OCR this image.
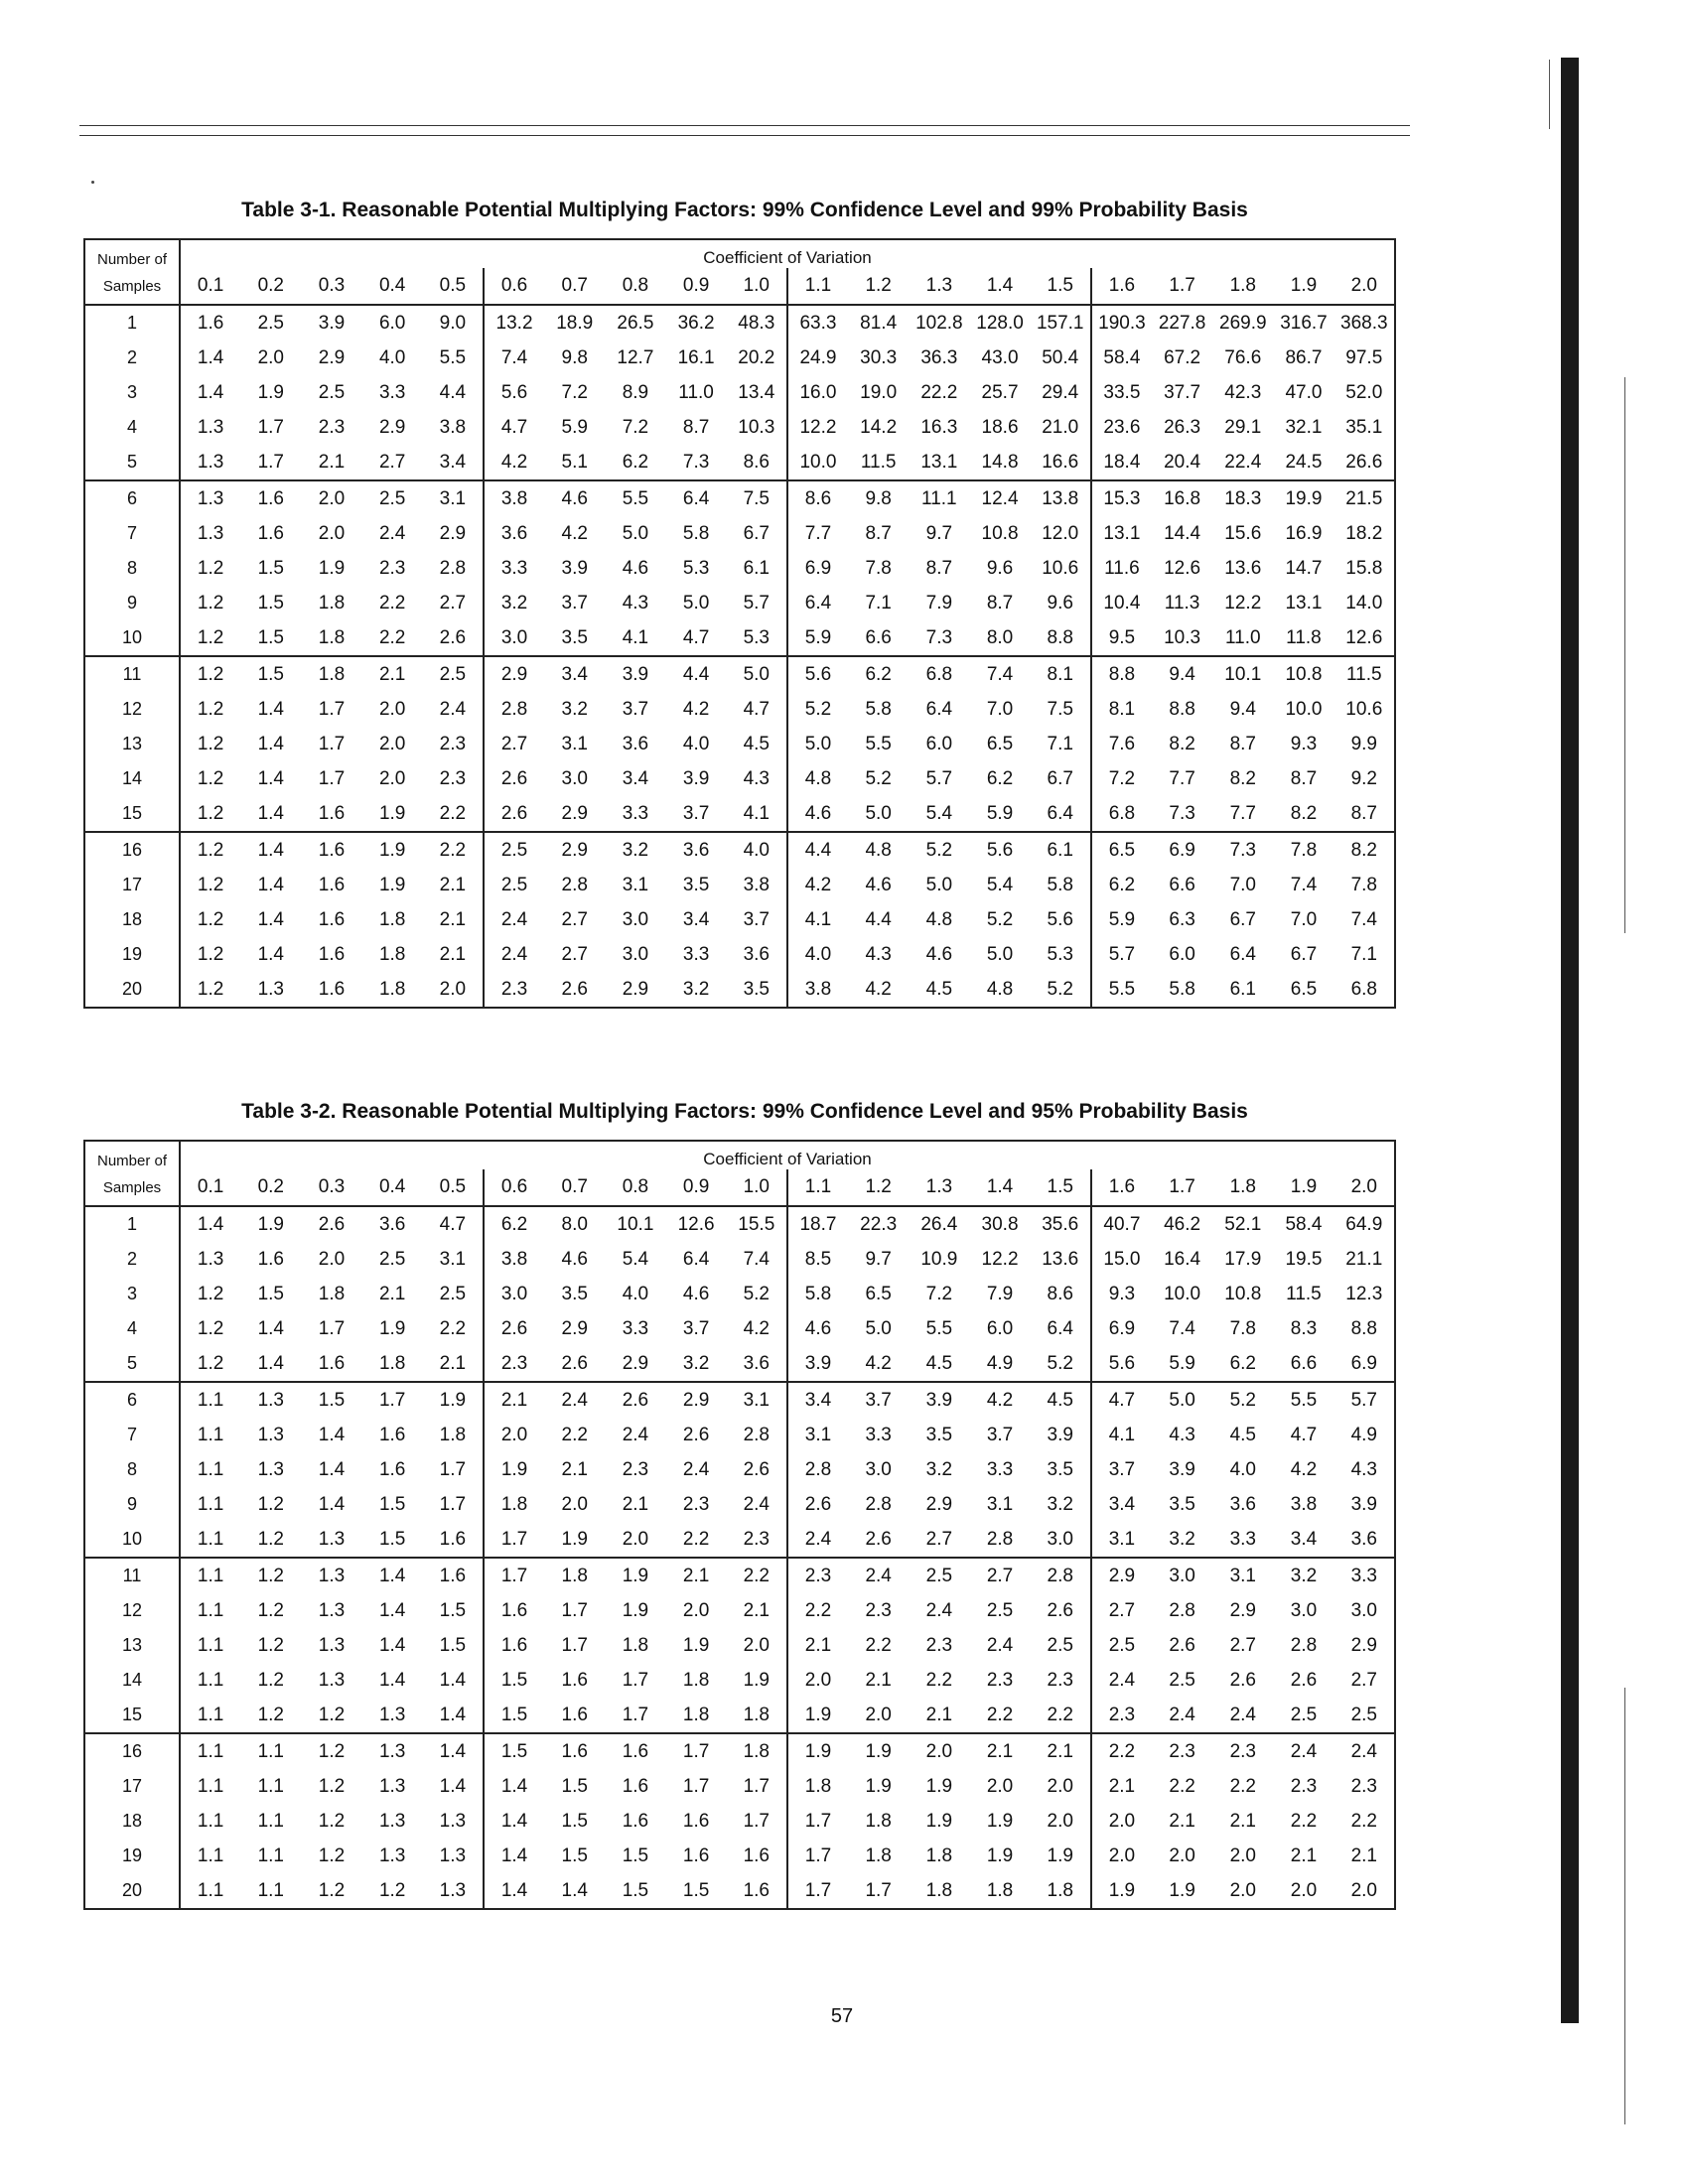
Table 3-1. Reasonable Potential Multiplying Factors: 99% Confidence Level and 99% Probability Basis
Number of	Coefficient of Variation																			
Samples	0.1	0.2	0.3	0.4	0.5	0.6	0.7	0.8	0.9	1.0	1.1	1.2	1.3	1.4	1.5	1.6	1.7	1.8	1.9	2.0
1	1.6	2.5	3.9	6.0	9.0	13.2	18.9	26.5	36.2	48.3	63.3	81.4	102.8	128.0	157.1	190.3	227.8	269.9	316.7	368.3
2	1.4	2.0	2.9	4.0	5.5	7.4	9.8	12.7	16.1	20.2	24.9	30.3	36.3	43.0	50.4	58.4	67.2	76.6	86.7	97.5
3	1.4	1.9	2.5	3.3	4.4	5.6	7.2	8.9	11.0	13.4	16.0	19.0	22.2	25.7	29.4	33.5	37.7	42.3	47.0	52.0
4	1.3	1.7	2.3	2.9	3.8	4.7	5.9	7.2	8.7	10.3	12.2	14.2	16.3	18.6	21.0	23.6	26.3	29.1	32.1	35.1
5	1.3	1.7	2.1	2.7	3.4	4.2	5.1	6.2	7.3	8.6	10.0	11.5	13.1	14.8	16.6	18.4	20.4	22.4	24.5	26.6
6	1.3	1.6	2.0	2.5	3.1	3.8	4.6	5.5	6.4	7.5	8.6	9.8	11.1	12.4	13.8	15.3	16.8	18.3	19.9	21.5
7	1.3	1.6	2.0	2.4	2.9	3.6	4.2	5.0	5.8	6.7	7.7	8.7	9.7	10.8	12.0	13.1	14.4	15.6	16.9	18.2
8	1.2	1.5	1.9	2.3	2.8	3.3	3.9	4.6	5.3	6.1	6.9	7.8	8.7	9.6	10.6	11.6	12.6	13.6	14.7	15.8
9	1.2	1.5	1.8	2.2	2.7	3.2	3.7	4.3	5.0	5.7	6.4	7.1	7.9	8.7	9.6	10.4	11.3	12.2	13.1	14.0
10	1.2	1.5	1.8	2.2	2.6	3.0	3.5	4.1	4.7	5.3	5.9	6.6	7.3	8.0	8.8	9.5	10.3	11.0	11.8	12.6
11	1.2	1.5	1.8	2.1	2.5	2.9	3.4	3.9	4.4	5.0	5.6	6.2	6.8	7.4	8.1	8.8	9.4	10.1	10.8	11.5
12	1.2	1.4	1.7	2.0	2.4	2.8	3.2	3.7	4.2	4.7	5.2	5.8	6.4	7.0	7.5	8.1	8.8	9.4	10.0	10.6
13	1.2	1.4	1.7	2.0	2.3	2.7	3.1	3.6	4.0	4.5	5.0	5.5	6.0	6.5	7.1	7.6	8.2	8.7	9.3	9.9
14	1.2	1.4	1.7	2.0	2.3	2.6	3.0	3.4	3.9	4.3	4.8	5.2	5.7	6.2	6.7	7.2	7.7	8.2	8.7	9.2
15	1.2	1.4	1.6	1.9	2.2	2.6	2.9	3.3	3.7	4.1	4.6	5.0	5.4	5.9	6.4	6.8	7.3	7.7	8.2	8.7
16	1.2	1.4	1.6	1.9	2.2	2.5	2.9	3.2	3.6	4.0	4.4	4.8	5.2	5.6	6.1	6.5	6.9	7.3	7.8	8.2
17	1.2	1.4	1.6	1.9	2.1	2.5	2.8	3.1	3.5	3.8	4.2	4.6	5.0	5.4	5.8	6.2	6.6	7.0	7.4	7.8
18	1.2	1.4	1.6	1.8	2.1	2.4	2.7	3.0	3.4	3.7	4.1	4.4	4.8	5.2	5.6	5.9	6.3	6.7	7.0	7.4
19	1.2	1.4	1.6	1.8	2.1	2.4	2.7	3.0	3.3	3.6	4.0	4.3	4.6	5.0	5.3	5.7	6.0	6.4	6.7	7.1
20	1.2	1.3	1.6	1.8	2.0	2.3	2.6	2.9	3.2	3.5	3.8	4.2	4.5	4.8	5.2	5.5	5.8	6.1	6.5	6.8
Table 3-2. Reasonable Potential Multiplying Factors: 99% Confidence Level and 95% Probability Basis
Number of	Coefficient of Variation																			
Samples	0.1	0.2	0.3	0.4	0.5	0.6	0.7	0.8	0.9	1.0	1.1	1.2	1.3	1.4	1.5	1.6	1.7	1.8	1.9	2.0
1	1.4	1.9	2.6	3.6	4.7	6.2	8.0	10.1	12.6	15.5	18.7	22.3	26.4	30.8	35.6	40.7	46.2	52.1	58.4	64.9
2	1.3	1.6	2.0	2.5	3.1	3.8	4.6	5.4	6.4	7.4	8.5	9.7	10.9	12.2	13.6	15.0	16.4	17.9	19.5	21.1
3	1.2	1.5	1.8	2.1	2.5	3.0	3.5	4.0	4.6	5.2	5.8	6.5	7.2	7.9	8.6	9.3	10.0	10.8	11.5	12.3
4	1.2	1.4	1.7	1.9	2.2	2.6	2.9	3.3	3.7	4.2	4.6	5.0	5.5	6.0	6.4	6.9	7.4	7.8	8.3	8.8
5	1.2	1.4	1.6	1.8	2.1	2.3	2.6	2.9	3.2	3.6	3.9	4.2	4.5	4.9	5.2	5.6	5.9	6.2	6.6	6.9
6	1.1	1.3	1.5	1.7	1.9	2.1	2.4	2.6	2.9	3.1	3.4	3.7	3.9	4.2	4.5	4.7	5.0	5.2	5.5	5.7
7	1.1	1.3	1.4	1.6	1.8	2.0	2.2	2.4	2.6	2.8	3.1	3.3	3.5	3.7	3.9	4.1	4.3	4.5	4.7	4.9
8	1.1	1.3	1.4	1.6	1.7	1.9	2.1	2.3	2.4	2.6	2.8	3.0	3.2	3.3	3.5	3.7	3.9	4.0	4.2	4.3
9	1.1	1.2	1.4	1.5	1.7	1.8	2.0	2.1	2.3	2.4	2.6	2.8	2.9	3.1	3.2	3.4	3.5	3.6	3.8	3.9
10	1.1	1.2	1.3	1.5	1.6	1.7	1.9	2.0	2.2	2.3	2.4	2.6	2.7	2.8	3.0	3.1	3.2	3.3	3.4	3.6
11	1.1	1.2	1.3	1.4	1.6	1.7	1.8	1.9	2.1	2.2	2.3	2.4	2.5	2.7	2.8	2.9	3.0	3.1	3.2	3.3
12	1.1	1.2	1.3	1.4	1.5	1.6	1.7	1.9	2.0	2.1	2.2	2.3	2.4	2.5	2.6	2.7	2.8	2.9	3.0	3.0
13	1.1	1.2	1.3	1.4	1.5	1.6	1.7	1.8	1.9	2.0	2.1	2.2	2.3	2.4	2.5	2.5	2.6	2.7	2.8	2.9
14	1.1	1.2	1.3	1.4	1.4	1.5	1.6	1.7	1.8	1.9	2.0	2.1	2.2	2.3	2.3	2.4	2.5	2.6	2.6	2.7
15	1.1	1.2	1.2	1.3	1.4	1.5	1.6	1.7	1.8	1.8	1.9	2.0	2.1	2.2	2.2	2.3	2.4	2.4	2.5	2.5
16	1.1	1.1	1.2	1.3	1.4	1.5	1.6	1.6	1.7	1.8	1.9	1.9	2.0	2.1	2.1	2.2	2.3	2.3	2.4	2.4
17	1.1	1.1	1.2	1.3	1.4	1.4	1.5	1.6	1.7	1.7	1.8	1.9	1.9	2.0	2.0	2.1	2.2	2.2	2.3	2.3
18	1.1	1.1	1.2	1.3	1.3	1.4	1.5	1.6	1.6	1.7	1.7	1.8	1.9	1.9	2.0	2.0	2.1	2.1	2.2	2.2
19	1.1	1.1	1.2	1.3	1.3	1.4	1.5	1.5	1.6	1.6	1.7	1.8	1.8	1.9	1.9	2.0	2.0	2.0	2.1	2.1
20	1.1	1.1	1.2	1.2	1.3	1.4	1.4	1.5	1.5	1.6	1.7	1.7	1.8	1.8	1.8	1.9	1.9	2.0	2.0	2.0
57
